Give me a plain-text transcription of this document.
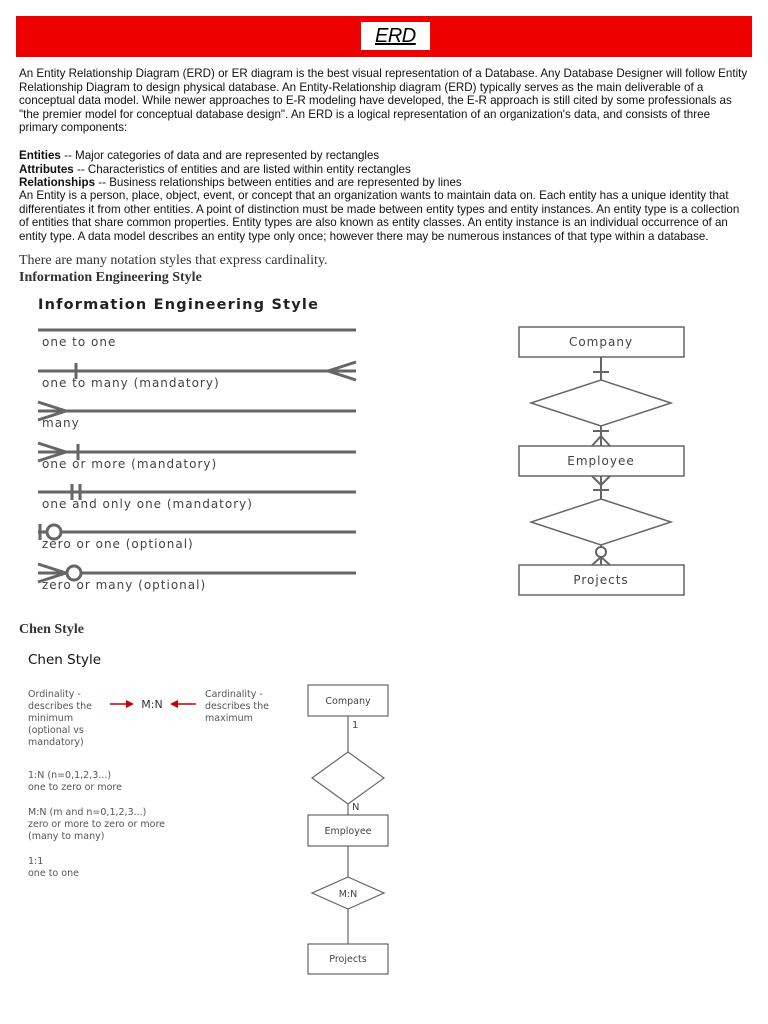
ERD

An Entity Relationship Diagram (ERD) or ER diagram is the best visual representation of a Database. Any Database Designer will follow Entity Relationship Diagram to design physical database. An Entity-Relationship diagram (ERD) typically serves as the main deliverable of a conceptual data model. While newer approaches to E-R modeling have developed, the E-R approach is still cited by some professionals as "the premier model for conceptual database design". An ERD is a logical representation of an organization's data, and consists of three primary components:

Entities -- Major categories of data and are represented by rectangles
Attributes -- Characteristics of entities and are listed within entity rectangles
Relationships -- Business relationships between entities and are represented by lines

An Entity is a person, place, object, event, or concept that an organization wants to maintain data on. Each entity has a unique identity that differentiates it from other entities. A point of distinction must be made between entity types and entity instances. An entity type is a collection of entities that share common properties. Entity types are also known as entity classes. An entity instance is an individual occurrence of an entity type. A data model describes an entity type only once; however there may be numerous instances of that type within a database.

There are many notation styles that express cardinality.
Information Engineering Style
Information Engineering Style
one to one
one to many (mandatory)
many
one or more (mandatory)
one and only one (mandatory)
zero or one (optional)
zero or many (optional)
Company
Employee
Projects
Chen Style
Chen Style
Ordinality -
describes the
minimum
(optional vs
mandatory)
Cardinality -
describes the
maximum
1:N (n=0,1,2,3...)
one to zero or more
M:N (m and n=0,1,2,3...)
zero or more to zero or more
(many to many)
1:1
one to one
M:N	Company
Employee
Projects
M:N
1
N
